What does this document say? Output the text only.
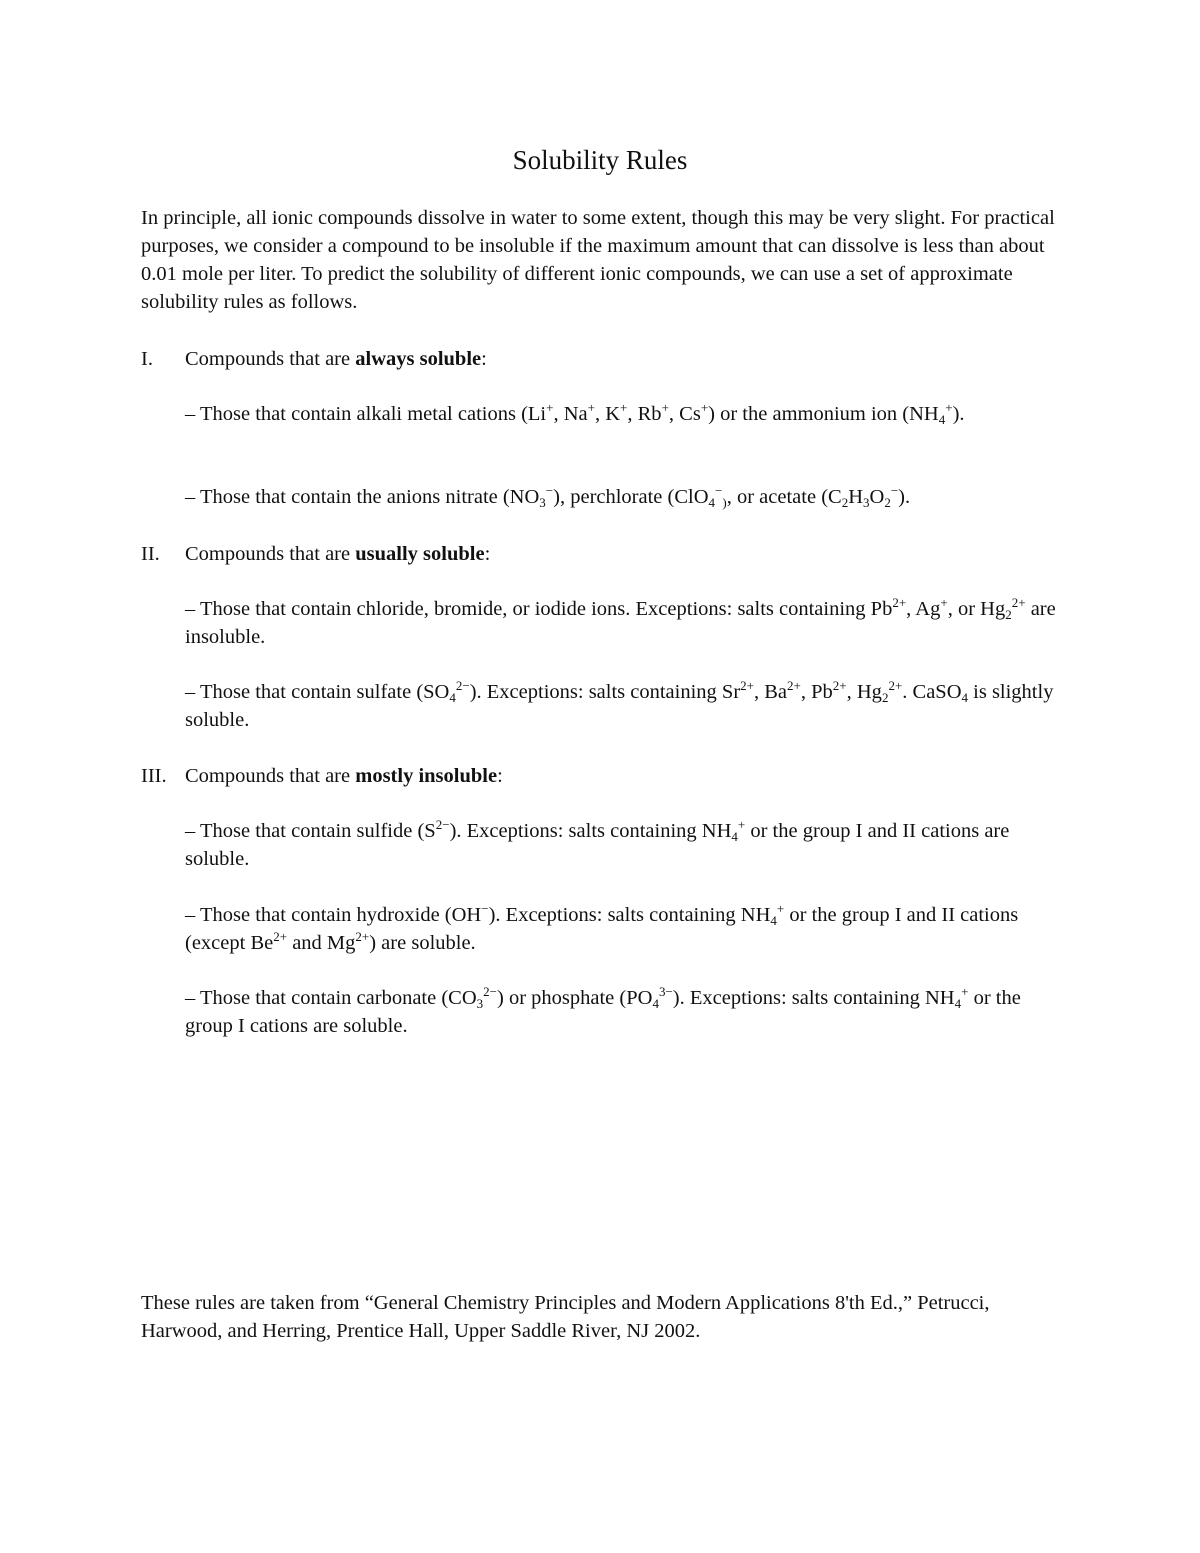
Solubility Rules

In principle, all ionic compounds dissolve in water to some extent, though this may be very slight. For practical purposes, we consider a compound to be insoluble if the maximum amount that can dissolve is less than about 0.01 mole per liter. To predict the solubility of different ionic compounds, we can use a set of approximate solubility rules as follows.

I. Compounds that are always soluble:
– Those that contain alkali metal cations (Li+, Na+, K+, Rb+, Cs+) or the ammonium ion $(NH_4^+)$.
– Those that contain the anions nitrate $(NO_3^-)$, perchlorate (ClO$_4$−$_)$, or acetate $(C_2H_3O_2^-)$.
II. Compounds that are usually soluble:
– Those that contain chloride, bromide, or iodide ions. Exceptions: salts containing $Pb^{2+}$, Ag+, or $Hg_2^{2+}$ are insoluble.
– Those that contain sulfate $(SO_4^{2-})$. Exceptions: salts containing $Sr^{2+}$, $Ba^{2+}$, $Pb^{2+}$, $Hg_2^{2+}$. CaSO$_4$ is slightly soluble.
III. Compounds that are mostly insoluble:
– Those that contain sulfide $(S^{2-})$. Exceptions: salts containing $NH_4^+$ or the group I and II cations are soluble.
– Those that contain hydroxide (OH−). Exceptions: salts containing $NH_4^+$ or the group I and II cations (except $Be^{2+}$ and $Mg^{2+}$) are soluble.
– Those that contain carbonate $(CO_3^{2-})$ or phosphate $(PO_4^{3-})$. Exceptions: salts containing $NH_4^+$ or the group I cations are soluble.
These rules are taken from “General Chemistry Principles and Modern Applications 8'th Ed.,” Petrucci, Harwood, and Herring, Prentice Hall, Upper Saddle River, NJ 2002.
